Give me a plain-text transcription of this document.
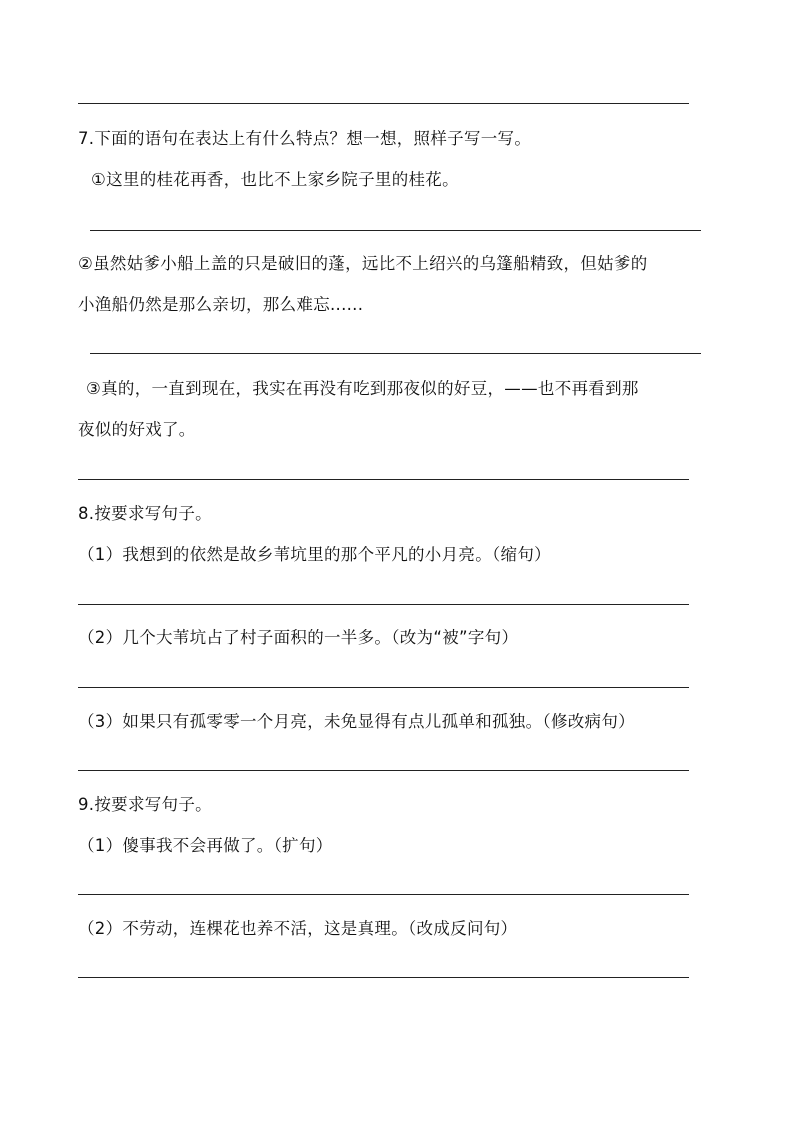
7.下面的语句在表达上有什么特点？想一想，照样子写一写。
①这里的桂花再香，也比不上家乡院子里的桂花。
②虽然姑爹小船上盖的只是破旧的蓬，远比不上绍兴的乌篷船精致，但姑爹的
小渔船仍然是那么亲切，那么难忘......
③真的，一直到现在，我实在再没有吃到那夜似的好豆，——也不再看到那
夜似的好戏了。
8.按要求写句子。
（1）我想到的依然是故乡苇坑里的那个平凡的小月亮。（缩句）
（2）几个大苇坑占了村子面积的一半多。（改为“被”字句）
（3）如果只有孤零零一个月亮，未免显得有点儿孤单和孤独。（修改病句）
9.按要求写句子。
（1）傻事我不会再做了。（扩句）
（2）不劳动，连棵花也养不活，这是真理。（改成反问句）
